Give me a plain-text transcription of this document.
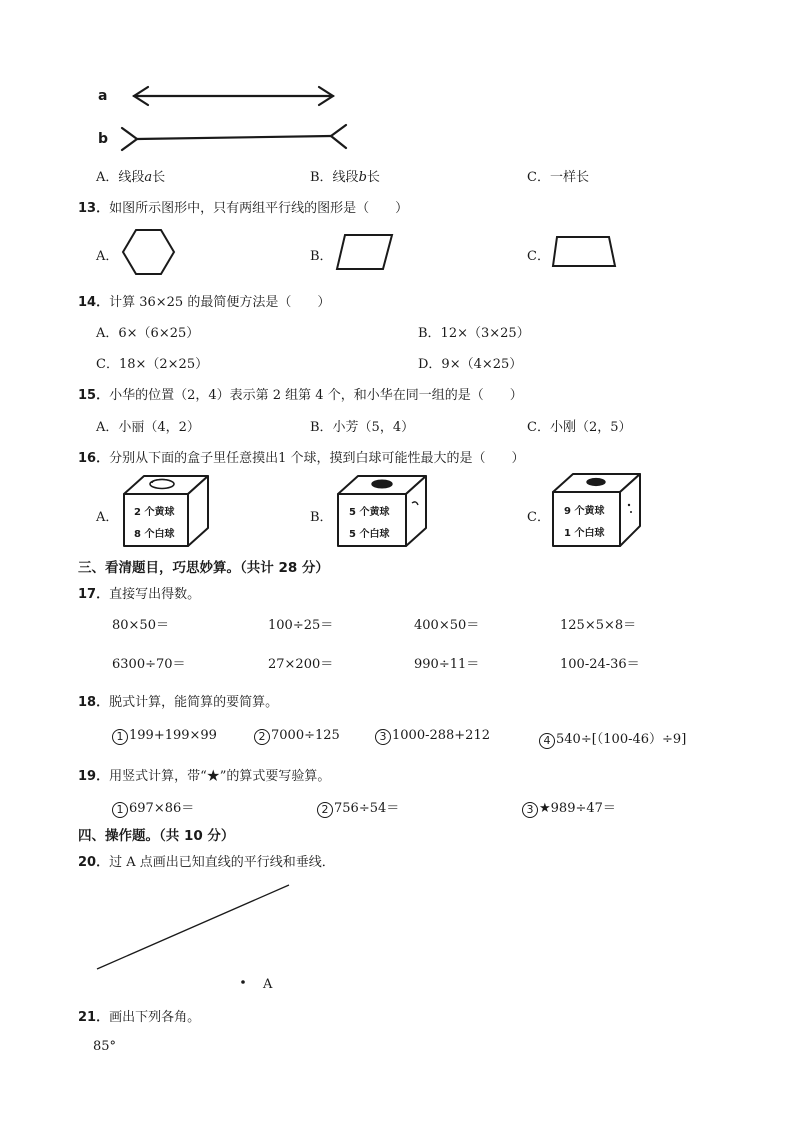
a
b
A．线段a长	B．线段b长	C．一样长
13．如图所示图形中，只有两组平行线的图形是（　　）
A．	B．	C．
14．计算 36×25 的最简便方法是（　　）
A．6×（6×25）	B．12×（3×25）
C．18×（2×25）	D．9×（4×25）
15．小华的位置（2，4）表示第 2 组第 4 个，和小华在同一组的是（　　）
A．小丽（4，2）	B．小芳（5，4）	C．小刚（2，5）
16．分别从下面的盒子里任意摸出1 个球，摸到白球可能性最大的是（　　）
A．	B．	C．
2 个黄球
8 个白球
5 个黄球
5 个白球
9 个黄球
1 个白球
三、看清题目，巧思妙算。（共计 28 分）
17．直接写出得数。
80×50＝	100÷25＝	400×50＝	125×5×8＝
6300÷70＝	27×200＝	990÷11＝	100-24-36＝
18．脱式计算，能简算的要简算。
1 199+199×99	2 7000÷125	3 1000-288+212	4 540÷[（100-46）÷9]
19．用竖式计算，带“★”的算式要写验算。
1 697×86＝	2 756÷54＝	3 ★989÷47＝
四、操作题。（共 10 分）
20．过 A 点画出已知直线的平行线和垂线．
A
21．画出下列各角。
85°
